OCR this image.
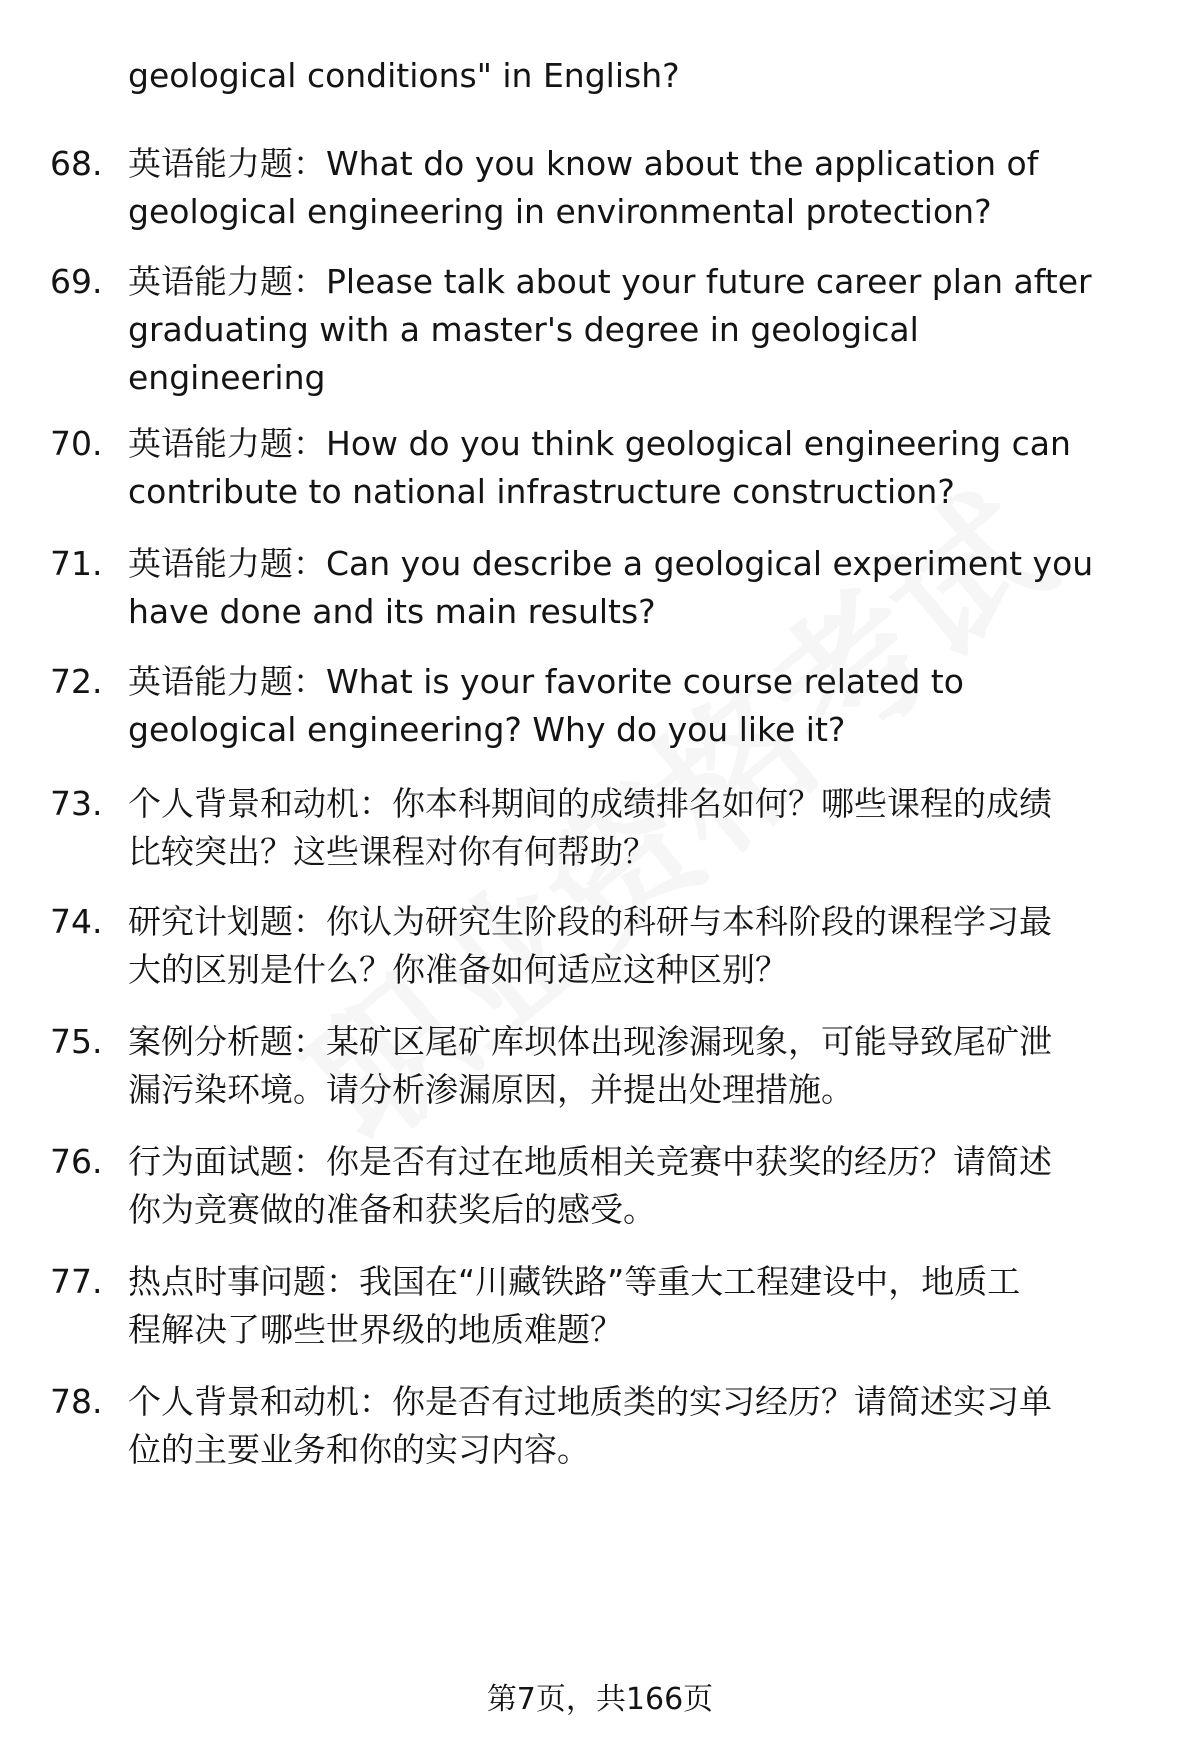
geological conditions" in English?
68. 英语能力题：What do you know about the application of
geological engineering in environmental protection?
69. 英语能力题：Please talk about your future career plan after
graduating with a master's degree in geological
engineering
70. 英语能力题：How do you think geological engineering can
contribute to national infrastructure construction?
71. 英语能力题：Can you describe a geological experiment you
have done and its main results?
72. 英语能力题：What is your favorite course related to
geological engineering? Why do you like it?
73. 个人背景和动机：你本科期间的成绩排名如何？哪些课程的成绩
比较突出？这些课程对你有何帮助？
74. 研究计划题：你认为研究生阶段的科研与本科阶段的课程学习最
大的区别是什么？你准备如何适应这种区别？
75. 案例分析题：某矿区尾矿库坝体出现渗漏现象，可能导致尾矿泄
漏污染环境。请分析渗漏原因，并提出处理措施。
76. 行为面试题：你是否有过在地质相关竞赛中获奖的经历？请简述
你为竞赛做的准备和获奖后的感受。
77. 热点时事问题：我国在“川藏铁路”等重大工程建设中，地质工
程解决了哪些世界级的地质难题？
78. 个人背景和动机：你是否有过地质类的实习经历？请简述实习单
位的主要业务和你的实习内容。
第7页，共166页
